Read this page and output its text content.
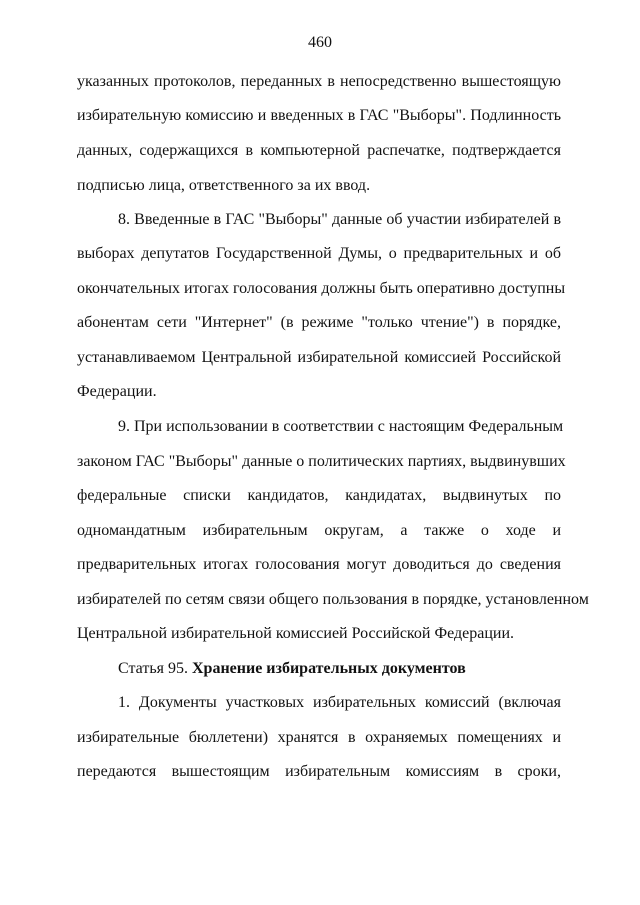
460
указанных протоколов, переданных в непосредственно вышестоящую
избирательную комиссию и введенных в ГАС "Выборы". Подлинность
данных, содержащихся в компьютерной распечатке, подтверждается
подписью лица, ответственного за их ввод.
8. Введенные в ГАС "Выборы" данные об участии избирателей в
выборах депутатов Государственной Думы, о предварительных и об
окончательных итогах голосования должны быть оперативно доступны
абонентам сети "Интернет" (в режиме "только чтение") в порядке,
устанавливаемом Центральной избирательной комиссией Российской
Федерации.
9. При использовании в соответствии с настоящим Федеральным
законом ГАС "Выборы" данные о политических партиях, выдвинувших
федеральные списки кандидатов, кандидатах, выдвинутых по
одномандатным избирательным округам, а также о ходе и
предварительных итогах голосования могут доводиться до сведения
избирателей по сетям связи общего пользования в порядке, установленном
Центральной избирательной комиссией Российской Федерации.
Статья 95. Хранение избирательных документов
1. Документы участковых избирательных комиссий (включая
избирательные бюллетени) хранятся в охраняемых помещениях и
передаются вышестоящим избирательным комиссиям в сроки,
